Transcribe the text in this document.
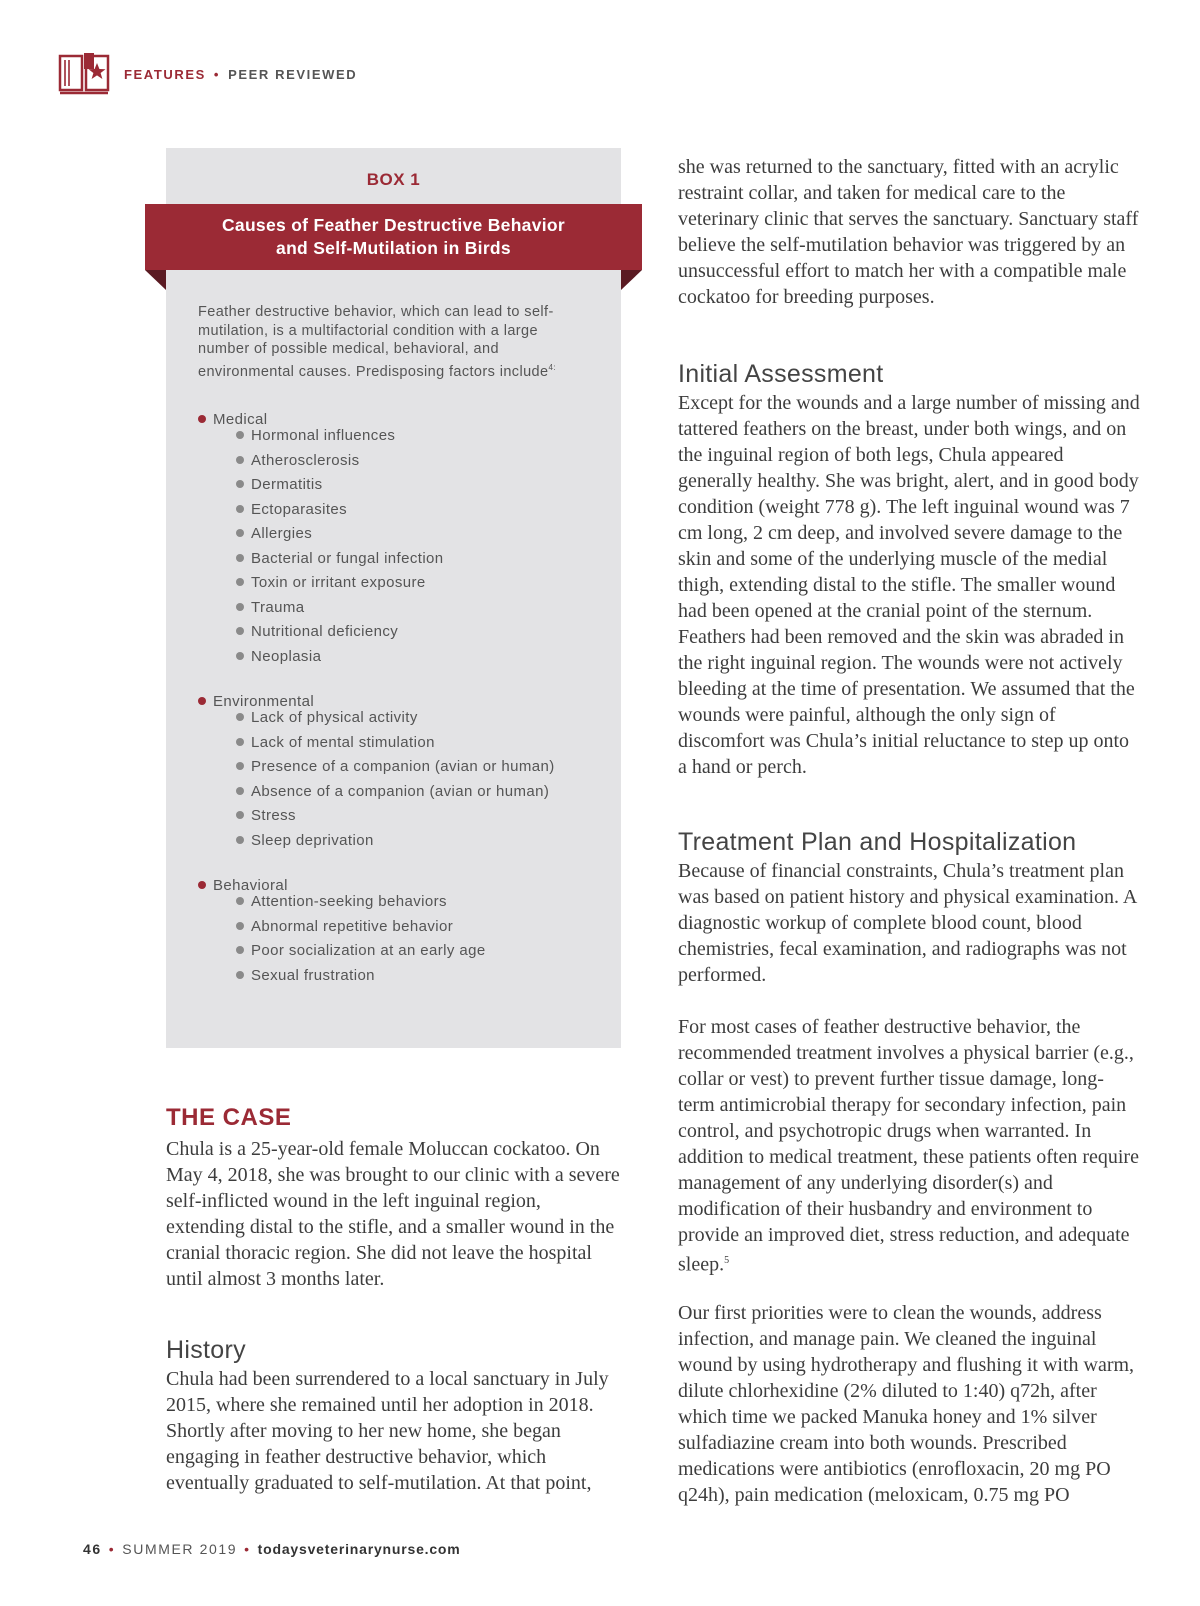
FEATURES • PEER REVIEWED
BOX 1
Causes of Feather Destructive Behavior
and Self-Mutilation in Birds
Feather destructive behavior, which can lead to self-mutilation, is a multifactorial condition with a large number of possible medical, behavioral, and environmental causes. Predisposing factors include$^{4:}$
Medical
Hormonal influences
Atherosclerosis
Dermatitis
Ectoparasites
Allergies
Bacterial or fungal infection
Toxin or irritant exposure
Trauma
Nutritional deficiency
Neoplasia
Environmental
Lack of physical activity
Lack of mental stimulation
Presence of a companion (avian or human)
Absence of a companion (avian or human)
Stress
Sleep deprivation
Behavioral
Attention-seeking behaviors
Abnormal repetitive behavior
Poor socialization at an early age
Sexual frustration
THE CASE
Chula is a 25-year-old female Moluccan cockatoo. On May 4, 2018, she was brought to our clinic with a severe self-inflicted wound in the left inguinal region, extending distal to the stifle, and a smaller wound in the cranial thoracic region. She did not leave the hospital until almost 3 months later.
History
Chula had been surrendered to a local sanctuary in July 2015, where she remained until her adoption in 2018. Shortly after moving to her new home, she began engaging in feather destructive behavior, which eventually graduated to self-mutilation. At that point,
she was returned to the sanctuary, fitted with an acrylic restraint collar, and taken for medical care to the veterinary clinic that serves the sanctuary. Sanctuary staff believe the self-mutilation behavior was triggered by an unsuccessful effort to match her with a compatible male cockatoo for breeding purposes.
Initial Assessment
Except for the wounds and a large number of missing and tattered feathers on the breast, under both wings, and on the inguinal region of both legs, Chula appeared generally healthy. She was bright, alert, and in good body condition (weight 778 g). The left inguinal wound was 7 cm long, 2 cm deep, and involved severe damage to the skin and some of the underlying muscle of the medial thigh, extending distal to the stifle. The smaller wound had been opened at the cranial point of the sternum. Feathers had been removed and the skin was abraded in the right inguinal region. The wounds were not actively bleeding at the time of presentation. We assumed that the wounds were painful, although the only sign of discomfort was Chula’s initial reluctance to step up onto a hand or perch.
Treatment Plan and Hospitalization
Because of financial constraints, Chula’s treatment plan was based on patient history and physical examination. A diagnostic workup of complete blood count, blood chemistries, fecal examination, and radiographs was not performed.
For most cases of feather destructive behavior, the recommended treatment involves a physical barrier (e.g., collar or vest) to prevent further tissue damage, long-term antimicrobial therapy for secondary infection, pain control, and psychotropic drugs when warranted. In addition to medical treatment, these patients often require management of any underlying disorder(s) and modification of their husbandry and environment to provide an improved diet, stress reduction, and adequate sleep.$^5$
Our first priorities were to clean the wounds, address infection, and manage pain. We cleaned the inguinal wound by using hydrotherapy and flushing it with warm, dilute chlorhexidine (2% diluted to 1:40) q72h, after which time we packed Manuka honey and 1% silver sulfadiazine cream into both wounds. Prescribed medications were antibiotics (enrofloxacin, 20 mg PO q24h), pain medication (meloxicam, 0.75 mg PO
46 • SUMMER 2019 • todaysveterinarynurse.com
